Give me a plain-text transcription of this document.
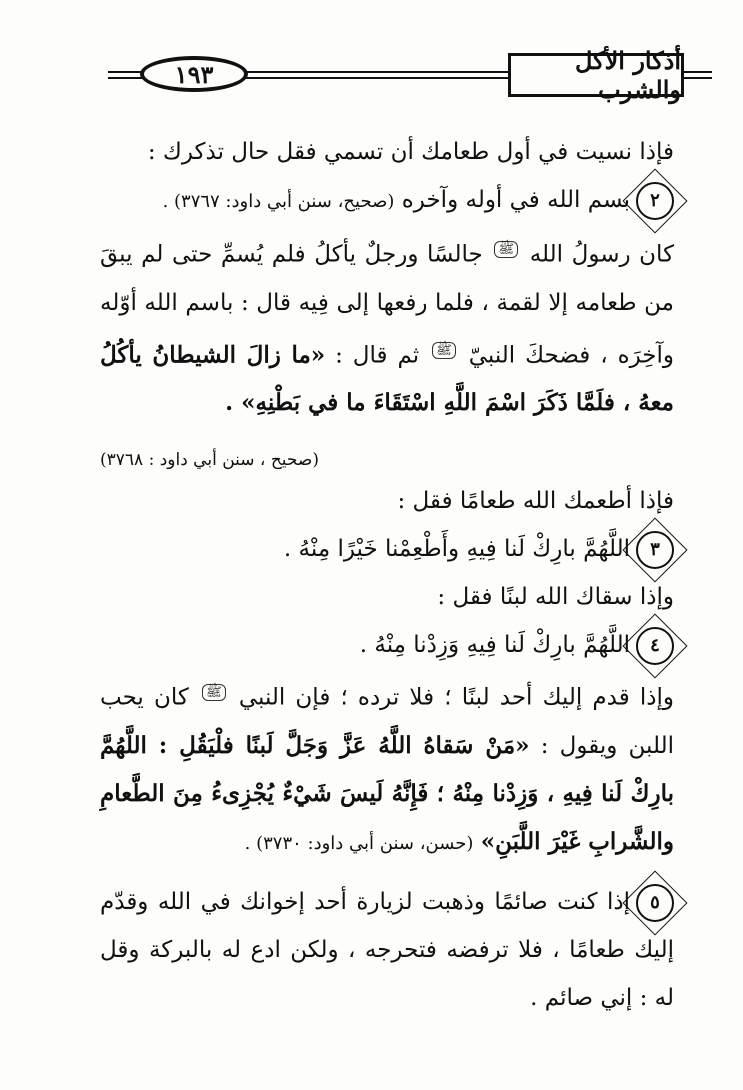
أذكار الأكل والشرب
١٩٣

فإذا نسيت في أول طعامك أن تسمي فقل حال تذكرك :

٢بسم الله في أوله وآخره (صحيح، سنن أبي داود: ٣٧٦٧) .

كان رسولُ الله $^ﷺ$ جالسًا ورجلٌ يأكلُ فلم يُسمِّ حتى لم يبقَ من طعامه إلا لقمة ، فلما رفعها إلى فِيه قال : باسم الله أوّله وآخِرَه ، فضحكَ النبيّ $^ﷺ$ ثم قال : «ما زالَ الشيطانُ يأكُلُ معهُ ، فلَمَّا ذَكَرَ اسْمَ اللَّهِ اسْتَقَاءَ ما في بَطْنِهِ» .

(صحيح ، سنن أبي داود : ٣٧٦٨)

فإذا أطعمك الله طعامًا فقل :

٣اللَّهُمَّ بارِكْ لَنا فِيهِ وأَطْعِمْنا خَيْرًا مِنْهُ .

وإذا سقاك الله لبنًا فقل :

٤اللَّهُمَّ بارِكْ لَنا فِيهِ وَزِدْنا مِنْهُ .

وإذا قدم إليك أحد لبنًا ؛ فلا ترده ؛ فإن النبي $^ﷺ$ كان يحب اللبن ويقول : «مَنْ سَقاهُ اللَّهُ عَزَّ وَجَلَّ لَبنًا فلْيَقُلِ : اللَّهُمَّ بارِكْ لَنا فِيهِ ، وَزِدْنا مِنْهُ ؛ فَإِنَّهُ لَيسَ شَيْءٌ يُجْزِىءُ مِنَ الطَّعامِ والشَّرابِ غَيْرَ اللَّبَنِ» (حسن، سنن أبي داود: ٣٧٣٠) .

٥إذا كنت صائمًا وذهبت لزيارة أحد إخوانك في الله وقدّم إليك طعامًا ، فلا ترفضه فتحرجه ، ولكن ادع له بالبركة وقل له : إني صائم .
